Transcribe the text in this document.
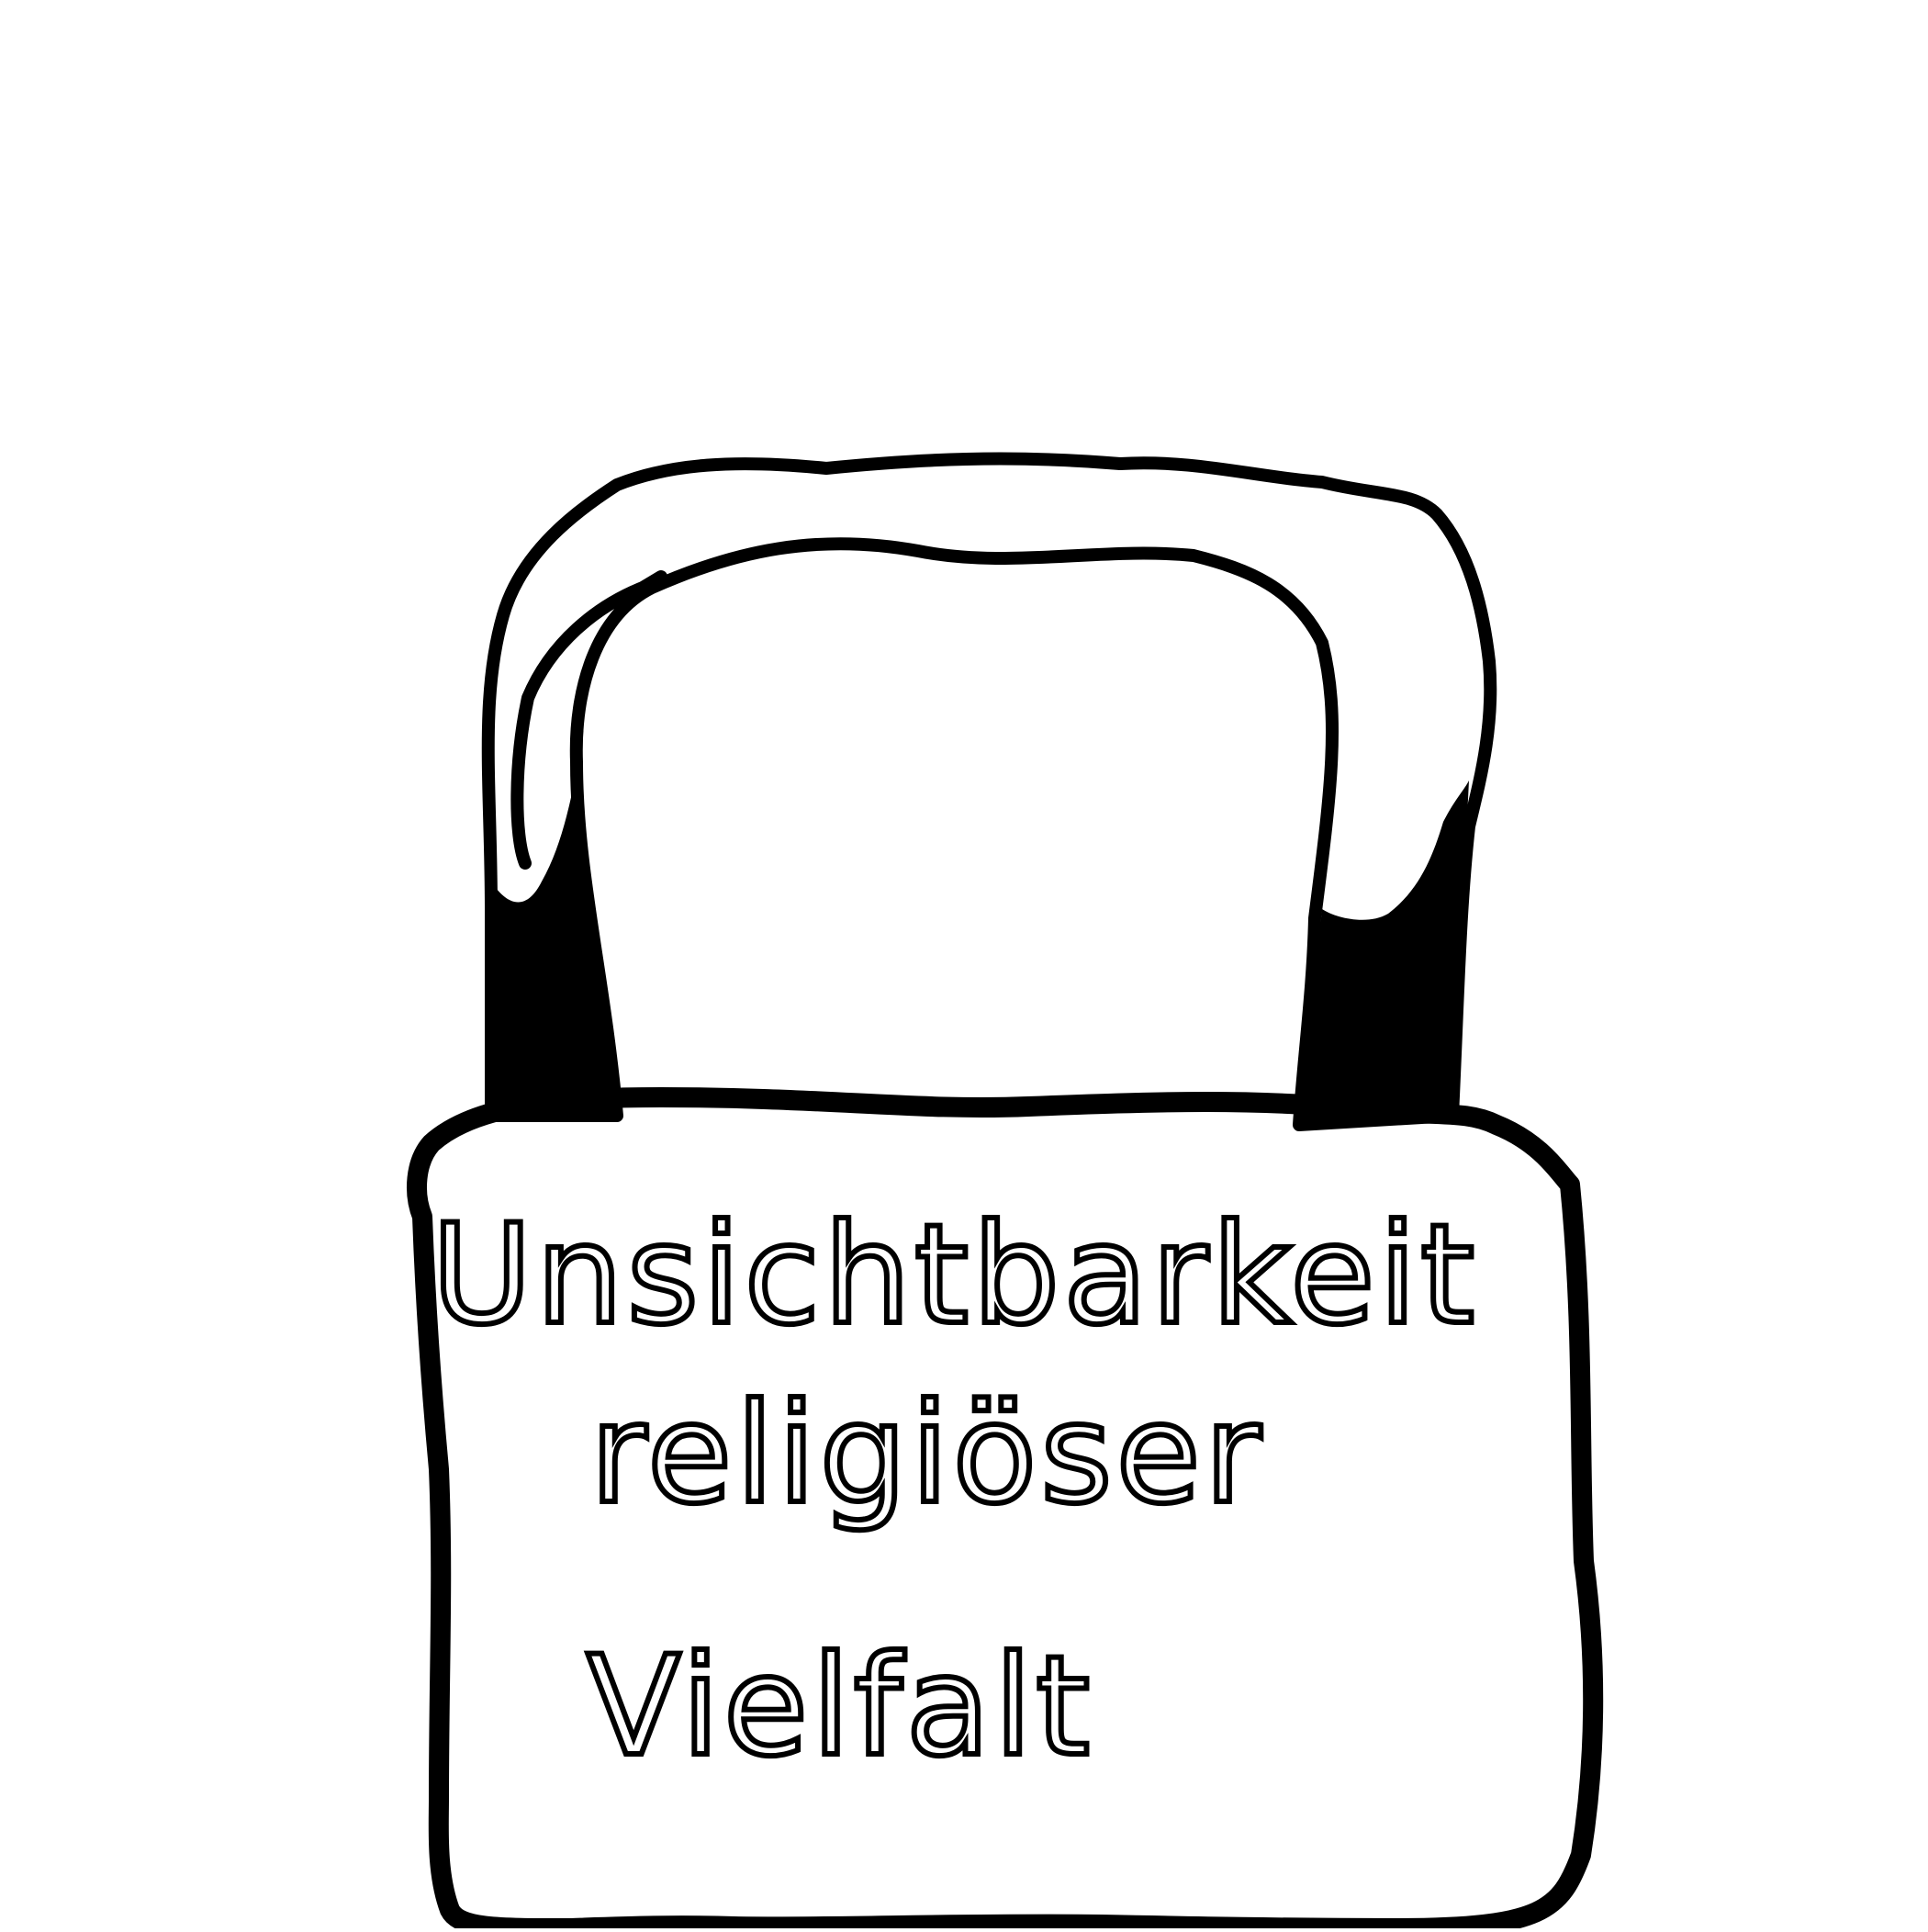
Unsichtbarkeit
religiöser
Vielfalt
